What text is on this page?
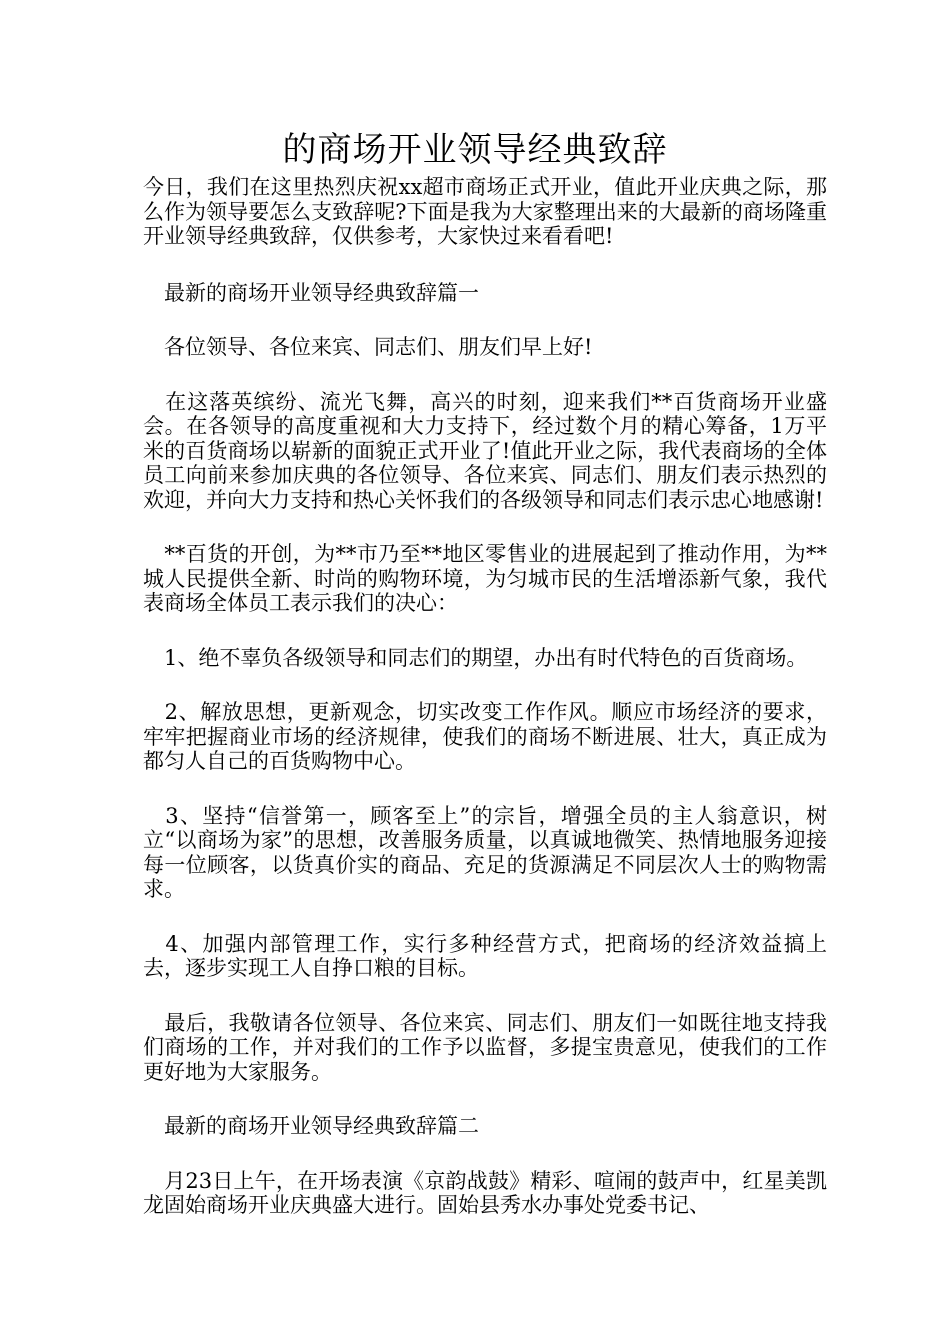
的商场开业领导经典致辞

今日，我们在这里热烈庆祝xx超市商场正式开业，值此开业庆典之际，那么作为领导要怎么支致辞呢?下面是我为大家整理出来的大最新的商场隆重开业领导经典致辞，仅供参考，大家快过来看看吧!

　最新的商场开业领导经典致辞篇一

　各位领导、各位来宾、同志们、朋友们早上好!

　在这落英缤纷、流光飞舞，高兴的时刻，迎来我们**百货商场开业盛会。在各领导的高度重视和大力支持下，经过数个月的精心筹备，1万平米的百货商场以崭新的面貌正式开业了!值此开业之际，我代表商场的全体员工向前来参加庆典的各位领导、各位来宾、同志们、朋友们表示热烈的欢迎，并向大力支持和热心关怀我们的各级领导和同志们表示忠心地感谢!

　**百货的开创，为**市乃至**地区零售业的进展起到了推动作用，为**城人民提供全新、时尚的购物环境，为匀城市民的生活增添新气象，我代表商场全体员工表示我们的决心：

　1、绝不辜负各级领导和同志们的期望，办出有时代特色的百货商场。

　2、解放思想，更新观念，切实改变工作作风。顺应市场经济的要求，牢牢把握商业市场的经济规律，使我们的商场不断进展、壮大，真正成为都匀人自己的百货购物中心。

　3、坚持“信誉第一，顾客至上”的宗旨，增强全员的主人翁意识，树立“以商场为家”的思想，改善服务质量，以真诚地微笑、热情地服务迎接每一位顾客，以货真价实的商品、充足的货源满足不同层次人士的购物需求。

　4、加强内部管理工作，实行多种经营方式，把商场的经济效益搞上去，逐步实现工人自挣口粮的目标。

　最后，我敬请各位领导、各位来宾、同志们、朋友们一如既往地支持我们商场的工作，并对我们的工作予以监督，多提宝贵意见，使我们的工作更好地为大家服务。

　最新的商场开业领导经典致辞篇二

　月23日上午，在开场表演《京韵战鼓》精彩、喧闹的鼓声中，红星美凯龙固始商场开业庆典盛大进行。固始县秀水办事处党委书记、
